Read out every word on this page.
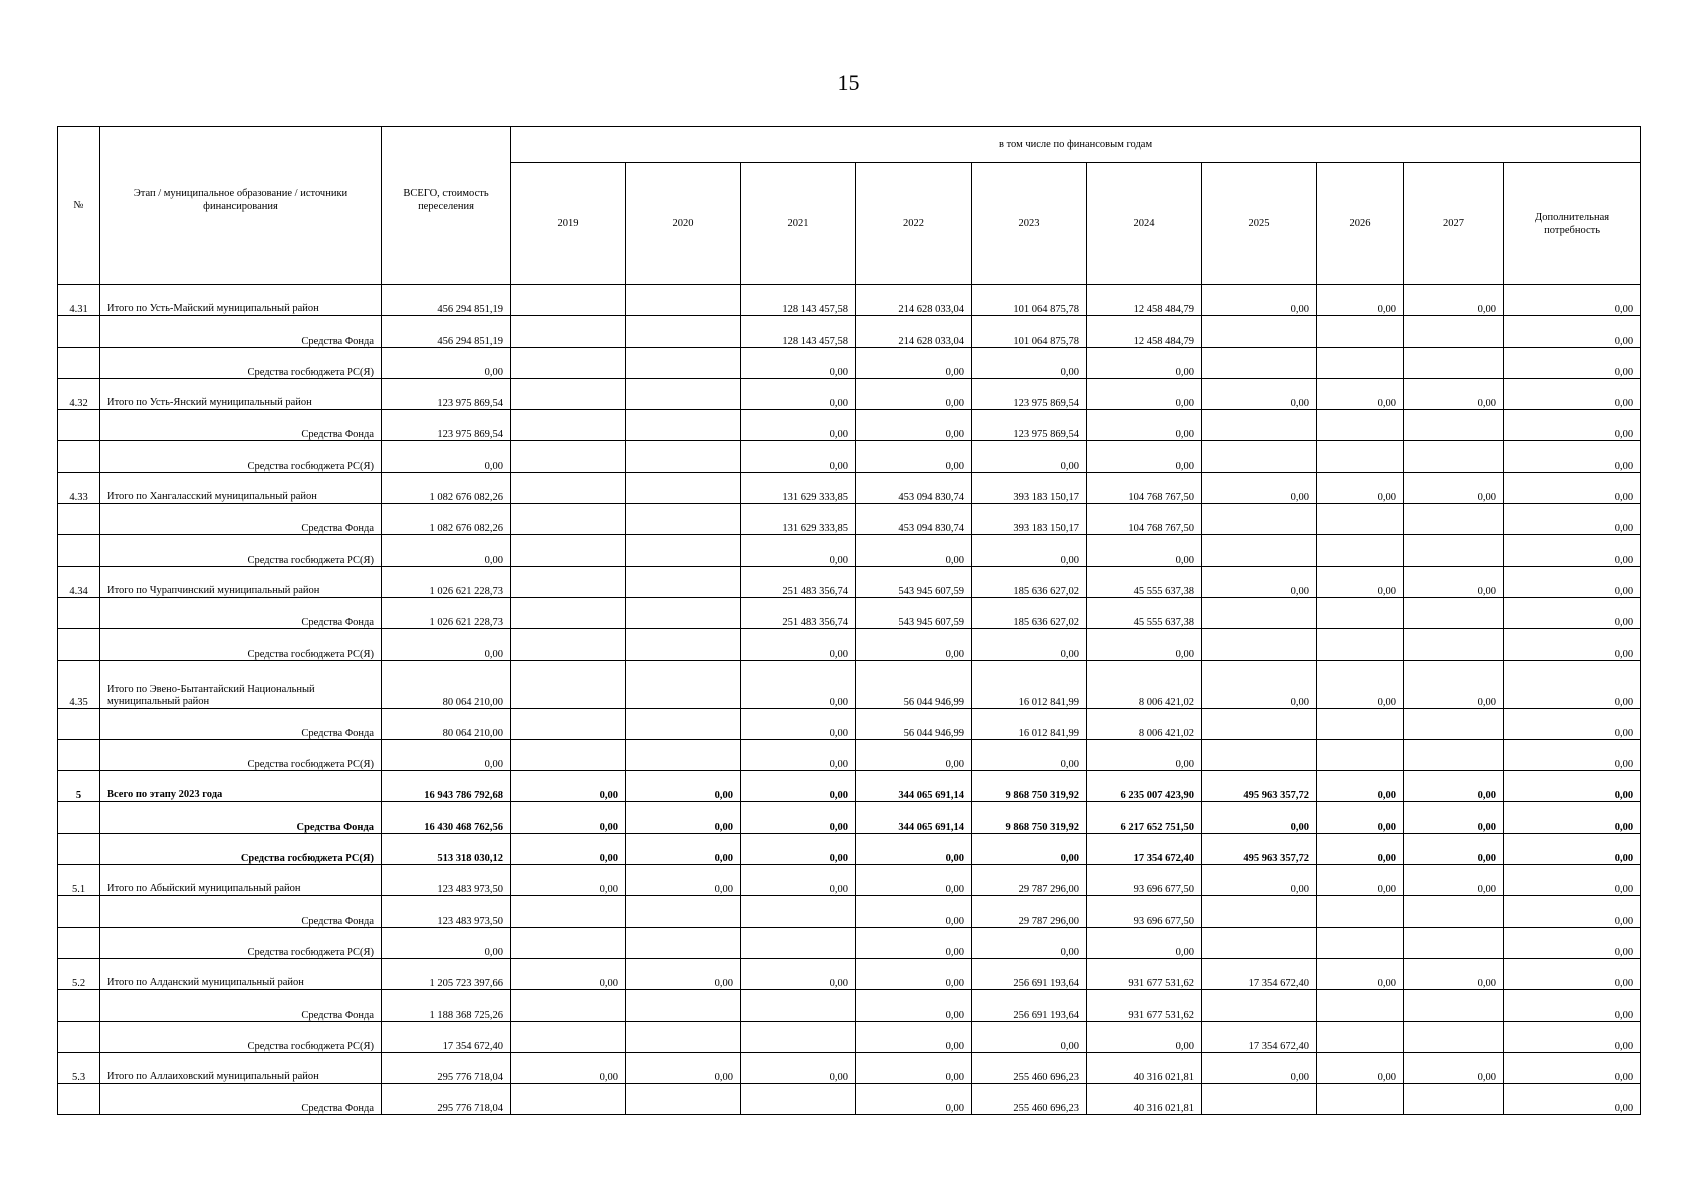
15
№	Этап / муниципальное образование / источники финансирования	ВСЕГО, стоимость переселения	в том числе по финансовым годам									
			2019	2020	2021	2022	2023	2024	2025	2026	2027	Дополнительная потребность
4.31	Итого по Усть-Майский муниципальный район	456 294 851,19			128 143 457,58	214 628 033,04	101 064 875,78	12 458 484,79	0,00	0,00	0,00	0,00
	Средства Фонда	456 294 851,19			128 143 457,58	214 628 033,04	101 064 875,78	12 458 484,79				0,00
	Средства госбюджета РС(Я)	0,00			0,00	0,00	0,00	0,00				0,00
4.32	Итого по Усть-Янский муниципальный район	123 975 869,54			0,00	0,00	123 975 869,54	0,00	0,00	0,00	0,00	0,00
	Средства Фонда	123 975 869,54			0,00	0,00	123 975 869,54	0,00				0,00
	Средства госбюджета РС(Я)	0,00			0,00	0,00	0,00	0,00				0,00
4.33	Итого по Хангаласский муниципальный район	1 082 676 082,26			131 629 333,85	453 094 830,74	393 183 150,17	104 768 767,50	0,00	0,00	0,00	0,00
	Средства Фонда	1 082 676 082,26			131 629 333,85	453 094 830,74	393 183 150,17	104 768 767,50				0,00
	Средства госбюджета РС(Я)	0,00			0,00	0,00	0,00	0,00				0,00
4.34	Итого по Чурапчинский муниципальный район	1 026 621 228,73			251 483 356,74	543 945 607,59	185 636 627,02	45 555 637,38	0,00	0,00	0,00	0,00
	Средства Фонда	1 026 621 228,73			251 483 356,74	543 945 607,59	185 636 627,02	45 555 637,38				0,00
	Средства госбюджета РС(Я)	0,00			0,00	0,00	0,00	0,00				0,00
4.35	Итого по Эвено-Бытантайский Национальный муниципальный район	80 064 210,00			0,00	56 044 946,99	16 012 841,99	8 006 421,02	0,00	0,00	0,00	0,00
	Средства Фонда	80 064 210,00			0,00	56 044 946,99	16 012 841,99	8 006 421,02				0,00
	Средства госбюджета РС(Я)	0,00			0,00	0,00	0,00	0,00				0,00
5	Всего по этапу 2023 года	16 943 786 792,68	0,00	0,00	0,00	344 065 691,14	9 868 750 319,92	6 235 007 423,90	495 963 357,72	0,00	0,00	0,00
	Средства Фонда	16 430 468 762,56	0,00	0,00	0,00	344 065 691,14	9 868 750 319,92	6 217 652 751,50	0,00	0,00	0,00	0,00
	Средства госбюджета РС(Я)	513 318 030,12	0,00	0,00	0,00	0,00	0,00	17 354 672,40	495 963 357,72	0,00	0,00	0,00
5.1	Итого по Абыйский муниципальный район	123 483 973,50	0,00	0,00	0,00	0,00	29 787 296,00	93 696 677,50	0,00	0,00	0,00	0,00
	Средства Фонда	123 483 973,50				0,00	29 787 296,00	93 696 677,50				0,00
	Средства госбюджета РС(Я)	0,00				0,00	0,00	0,00				0,00
5.2	Итого по Алданский муниципальный район	1 205 723 397,66	0,00	0,00	0,00	0,00	256 691 193,64	931 677 531,62	17 354 672,40	0,00	0,00	0,00
	Средства Фонда	1 188 368 725,26				0,00	256 691 193,64	931 677 531,62				0,00
	Средства госбюджета РС(Я)	17 354 672,40				0,00	0,00	0,00	17 354 672,40			0,00
5.3	Итого по Аллаиховский муниципальный район	295 776 718,04	0,00	0,00	0,00	0,00	255 460 696,23	40 316 021,81	0,00	0,00	0,00	0,00
	Средства Фонда	295 776 718,04				0,00	255 460 696,23	40 316 021,81				0,00
